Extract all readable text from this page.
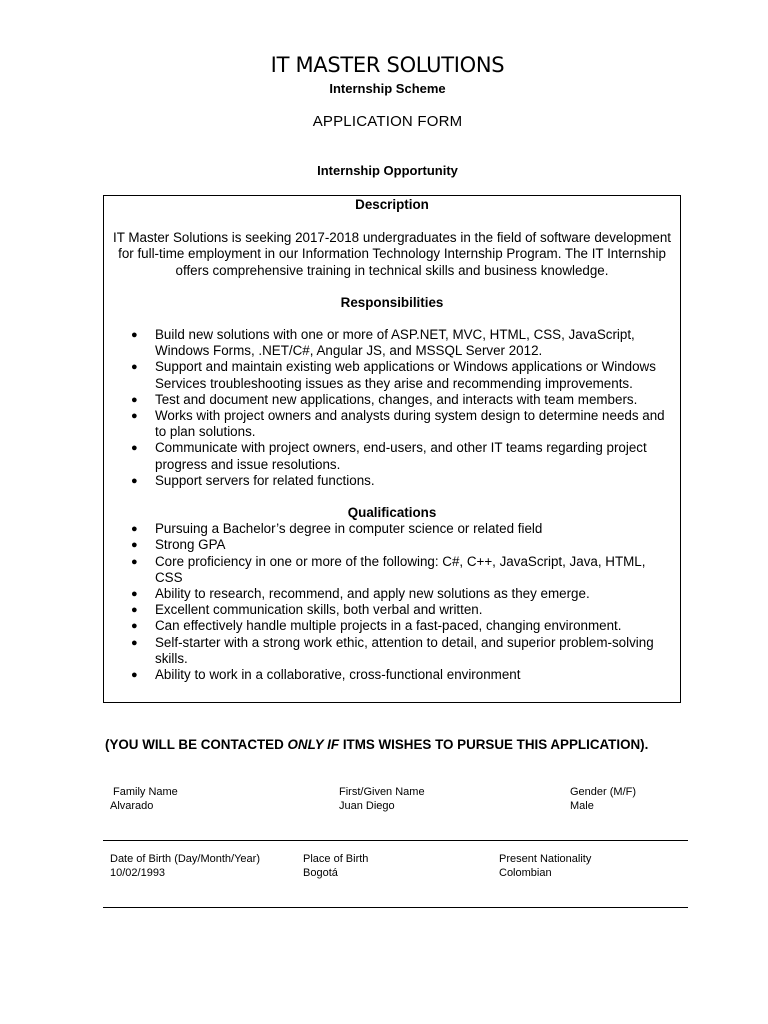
IT MASTER SOLUTIONS
Internship Scheme
APPLICATION FORM
Internship Opportunity
Description

IT Master Solutions is seeking 2017-2018 undergraduates in the field of software development for full-time employment in our Information Technology Internship Program. The IT Internship offers comprehensive training in technical skills and business knowledge.

Responsibilities
● Build new solutions with one or more of ASP.NET, MVC, HTML, CSS, JavaScript, Windows Forms, .NET/C#, Angular JS, and MSSQL Server 2012.
● Support and maintain existing web applications or Windows applications or Windows Services troubleshooting issues as they arise and recommending improvements.
● Test and document new applications, changes, and interacts with team members.
● Works with project owners and analysts during system design to determine needs and to plan solutions.
● Communicate with project owners, end-users, and other IT teams regarding project progress and issue resolutions.
● Support servers for related functions.
Qualifications
● Pursuing a Bachelor’s degree in computer science or related field
● Strong GPA
● Core proficiency in one or more of the following: C#, C++, JavaScript, Java, HTML, CSS
● Ability to research, recommend, and apply new solutions as they emerge.
● Excellent communication skills, both verbal and written.
● Can effectively handle multiple projects in a fast-paced, changing environment.
● Self-starter with a strong work ethic, attention to detail, and superior problem-solving skills.
● Ability to work in a collaborative, cross-functional environment
(YOU WILL BE CONTACTED ONLY IF ITMS WISHES TO PURSUE THIS APPLICATION).
Family Name
Alvarado
First/Given Name
Juan Diego
Gender (M/F)
Male
Date of Birth (Day/Month/Year)
10/02/1993
Place of Birth
Bogotá
Present Nationality
Colombian
